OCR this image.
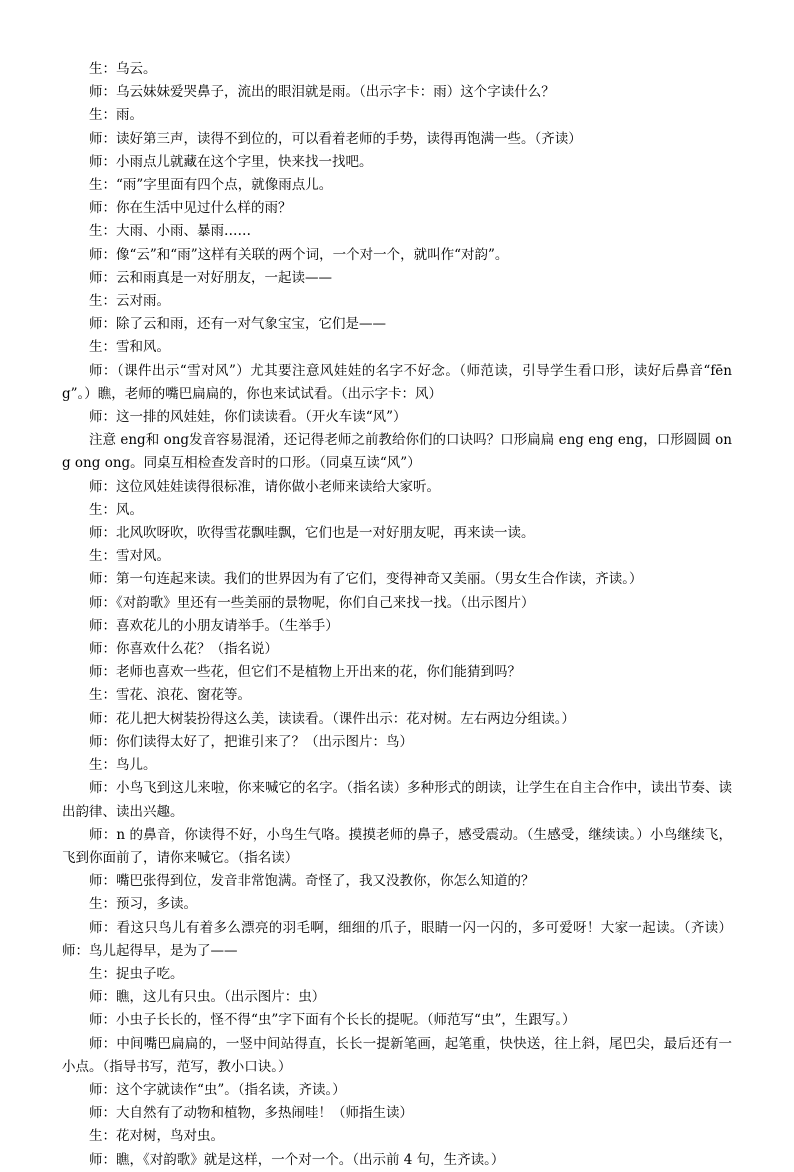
生：乌云。

师：乌云妹妹爱哭鼻子，流出的眼泪就是雨。（出示字卡：雨）这个字读什么？

生：雨。

师：读好第三声，读得不到位的，可以看着老师的手势，读得再饱满一些。（齐读）

师：小雨点儿就藏在这个字里，快来找一找吧。

生：“雨”字里面有四个点，就像雨点儿。

师：你在生活中见过什么样的雨？

生：大雨、小雨、暴雨……

师：像“云”和“雨”这样有关联的两个词，一个对一个，就叫作“对韵”。

师：云和雨真是一对好朋友，一起读——

生：云对雨。

师：除了云和雨，还有一对气象宝宝，它们是——

生：雪和风。

师：（课件出示“雪对风”）尤其要注意风娃娃的名字不好念。（师范读，引导学生看口形，读好后鼻音“fēng”。）瞧，老师的嘴巴扁扁的，你也来试试看。（出示字卡：风）

师：这一排的风娃娃，你们读读看。（开火车读“风”）

注意 eng和 ong发音容易混淆，还记得老师之前教给你们的口诀吗？口形扁扁 eng eng eng，口形圆圆 ong ong ong。同桌互相检查发音时的口形。（同桌互读“风”）

师：这位风娃娃读得很标准，请你做小老师来读给大家听。

生：风。

师：北风吹呀吹，吹得雪花飘哇飘，它们也是一对好朋友呢，再来读一读。

生：雪对风。

师：第一句连起来读。我们的世界因为有了它们，变得神奇又美丽。（男女生合作读，齐读。）

师：《对韵歌》里还有一些美丽的景物呢，你们自己来找一找。（出示图片）

师：喜欢花儿的小朋友请举手。（生举手）

师：你喜欢什么花？（指名说）

师：老师也喜欢一些花，但它们不是植物上开出来的花，你们能猜到吗？

生：雪花、浪花、窗花等。

师：花儿把大树装扮得这么美，读读看。（课件出示：花对树。左右两边分组读。）

师：你们读得太好了，把谁引来了？（出示图片：鸟）

生：鸟儿。

师：小鸟飞到这儿来啦，你来喊它的名字。（指名读）多种形式的朗读，让学生在自主合作中，读出节奏、读出韵律、读出兴趣。

师：n 的鼻音，你读得不好，小鸟生气咯。摸摸老师的鼻子，感受震动。（生感受，继续读。）小鸟继续飞，飞到你面前了，请你来喊它。（指名读）

师：嘴巴张得到位，发音非常饱满。奇怪了，我又没教你，你怎么知道的？

生：预习，多读。

师：看这只鸟儿有着多么漂亮的羽毛啊，细细的爪子，眼睛一闪一闪的，多可爱呀！大家一起读。（齐读）师：鸟儿起得早，是为了——

生：捉虫子吃。

师：瞧，这儿有只虫。（出示图片：虫）

师：小虫子长长的，怪不得“虫”字下面有个长长的提呢。（师范写“虫”，生跟写。）

师：中间嘴巴扁扁的，一竖中间站得直，长长一提新笔画，起笔重，快快送，往上斜，尾巴尖，最后还有一小点。（指导书写，范写，教小口诀。）

师：这个字就读作“虫”。（指名读，齐读。）

师：大自然有了动物和植物，多热闹哇！（师指生读）

生：花对树，鸟对虫。

师：瞧，《对韵歌》就是这样，一个对一个。（出示前 4 句，生齐读。）
